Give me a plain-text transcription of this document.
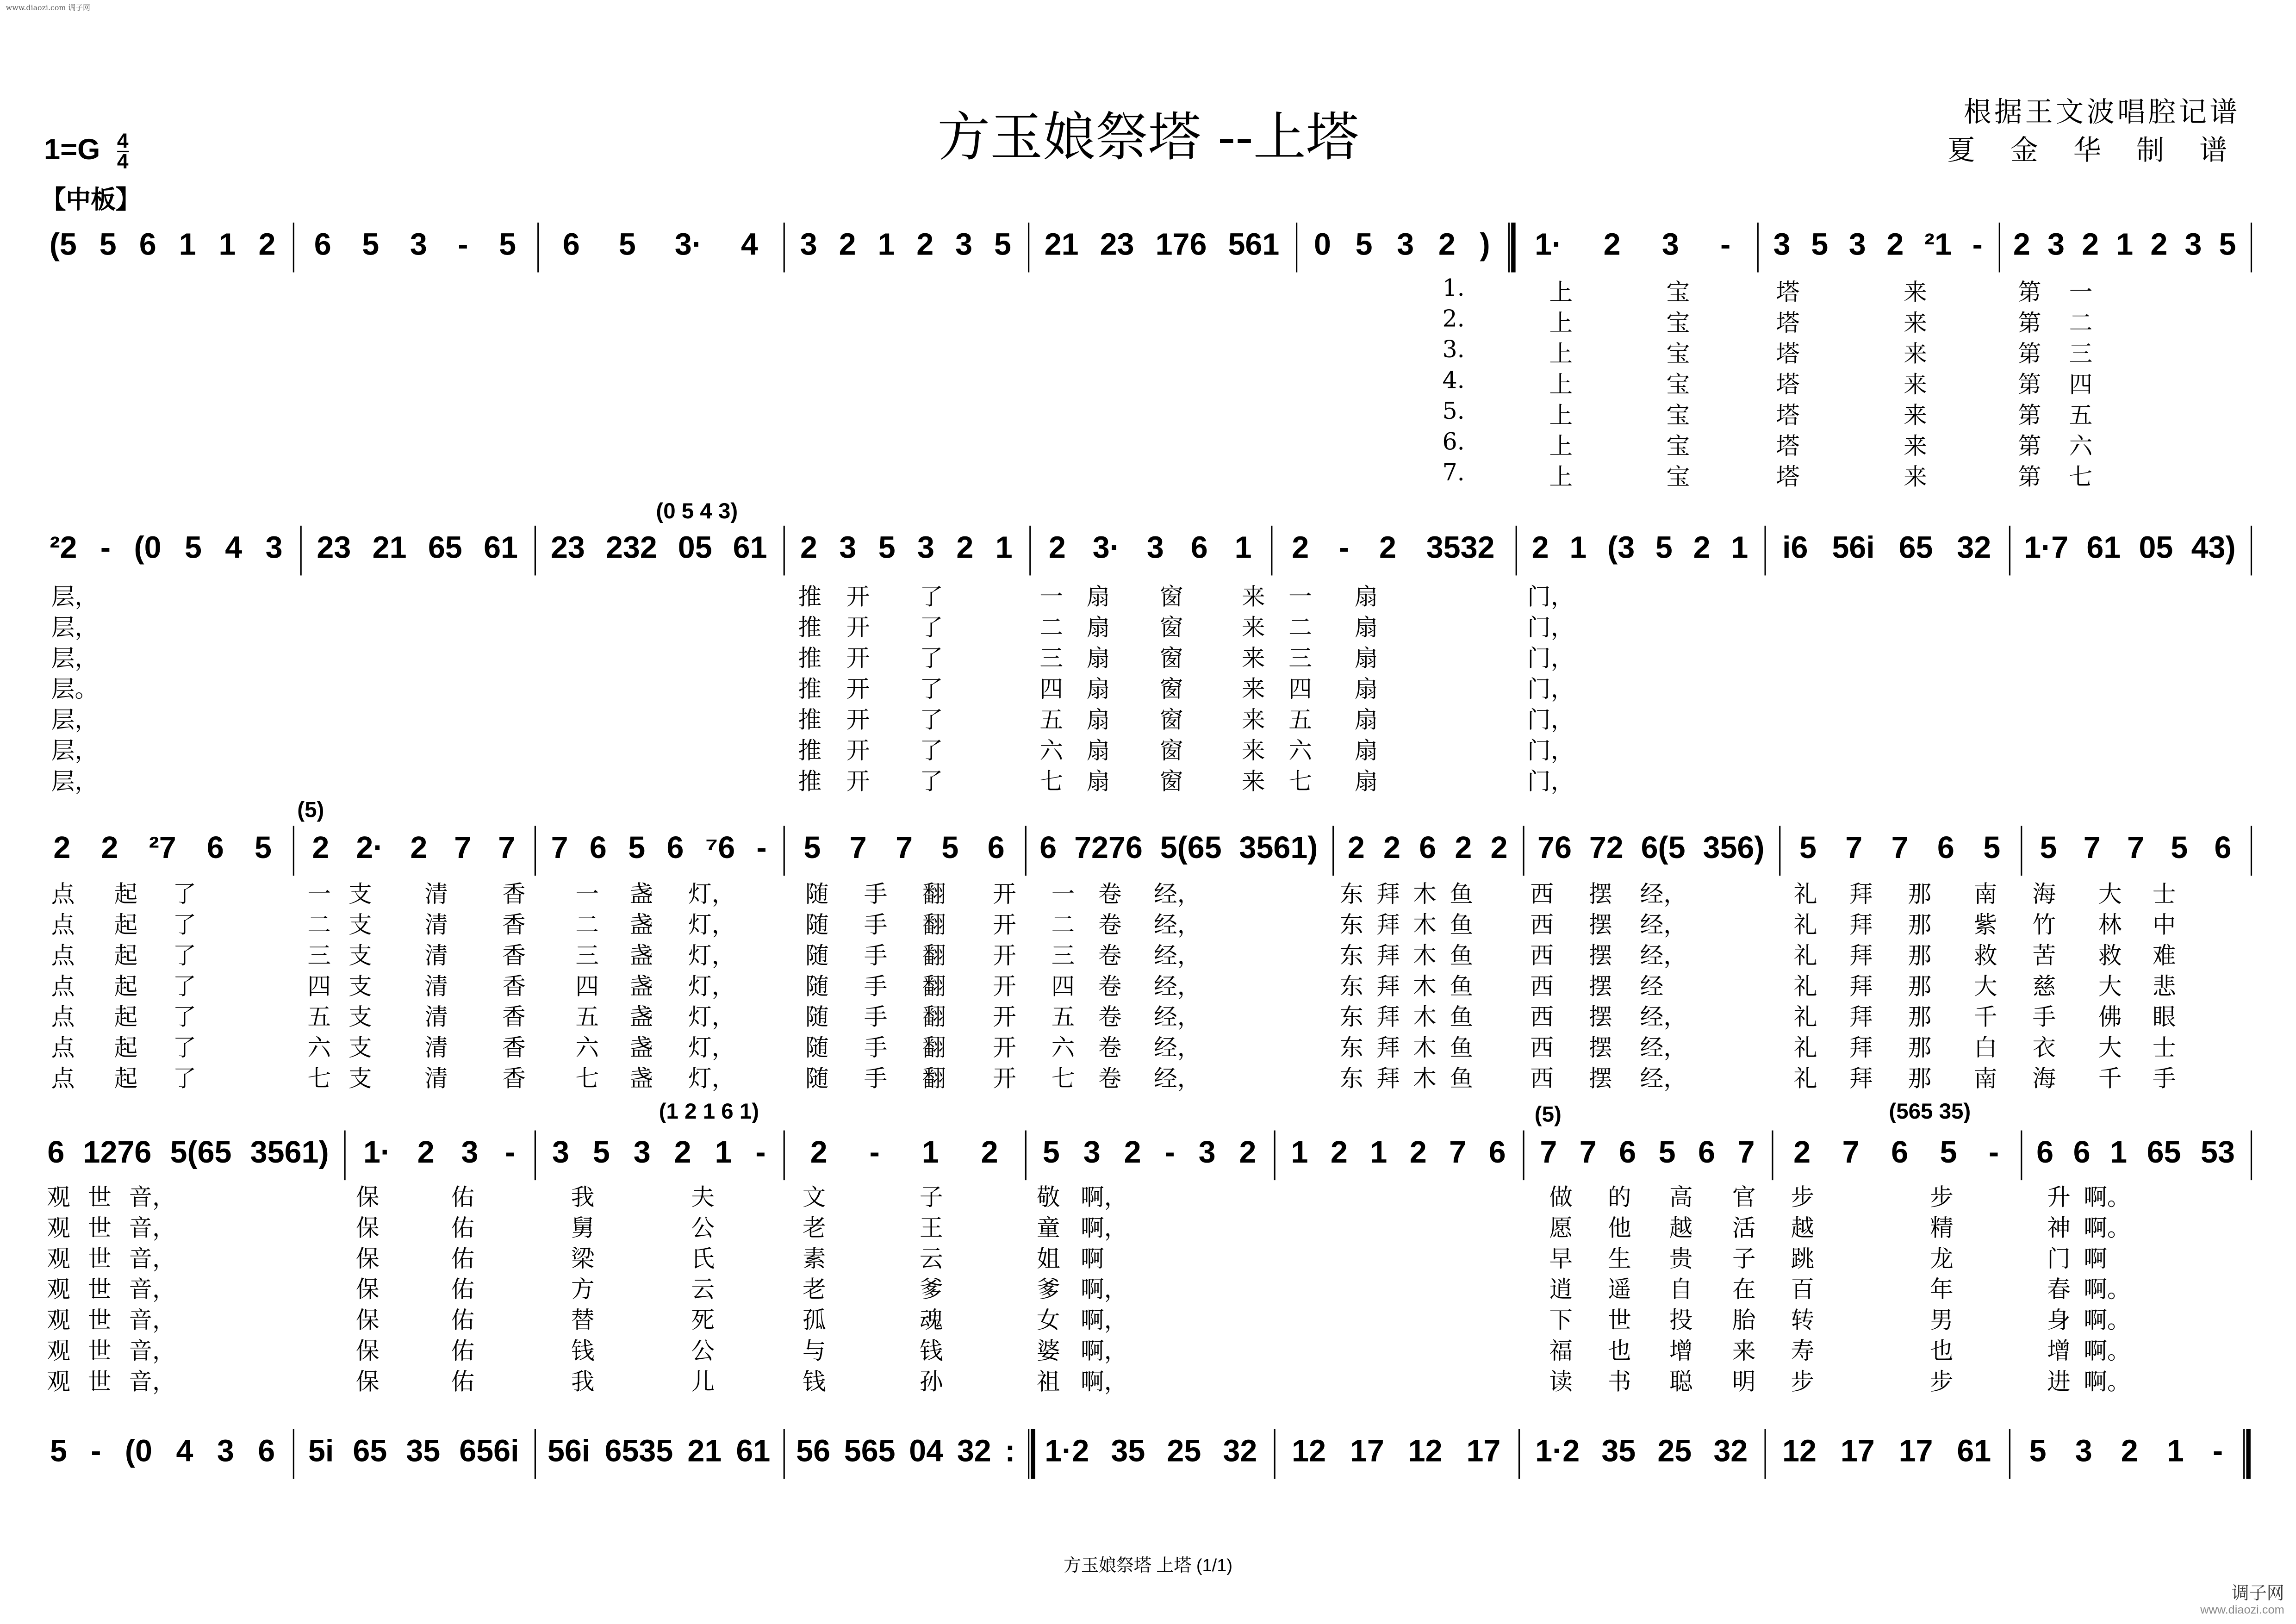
www.diaozi.com 调子网
方玉娘祭塔 --上塔
1=G	$\frac{4}{4}$
根据王文波唱腔记谱
夏 金 华 制 谱
【中板】
(5 5 6 1 1 2	6	5	3	-	5	6	5	3·	4	3 2 1 2 3 5	21 23 176 561	0	5	3	2	)	1·	2	3	-	3 5 3 2 ²1 -	2 3 2 1 2 3 5
²2 - (0 5 4 3	23 21 65 61	23 232 05 61	2 3 5 3 2 1	2	3·	3	6	1	2	-	2	3532	2 1 (3 5 2 1	i6 56i 65 32	1·7 61 05 43)
(0 5 4 3)
2	2	²7	6	5	2	2·	2	7	7	7 6 5 6 ⁷6 -	5	7	7	5	6	6 7276 5(65 3561)	2 2 6 2 2	76 72 6(5 356)	5	7	7	6	5	5	7	7	5	6
(5)
6 1276 5(65 3561)	1·	2	3	-	3 5 3 2 1 -	2	-	1	2	5 3 2 - 3 2	1 2 1 2 7 6	7 7 6 5 6 7	2	7	6	5	-	6 6 1 65 53
(1 2 1 6 1)	(5)	(565 35)
5 - (0 4 3 6	5i 65 35 656i	56i 6535 21 61	56 565 04 32 :	1·2 35 25 32	12 17 12 17	1·2 35 25 32	12 17 17 61	5	3	2	1	-
1.	上	宝	塔	来	第	一
2.	上	宝	塔	来	第	二
3.	上	宝	塔	来	第	三
4.	上	宝	塔	来	第	四
5.	上	宝	塔	来	第	五
6.	上	宝	塔	来	第	六
7.	上	宝	塔	来	第	七
层，	推	开	了	一	扇	窗	来	一	扇	门，
层，	推	开	了	二	扇	窗	来	二	扇	门，
层，	推	开	了	三	扇	窗	来	三	扇	门，
层。	推	开	了	四	扇	窗	来	四	扇	门，
层，	推	开	了	五	扇	窗	来	五	扇	门，
层，	推	开	了	六	扇	窗	来	六	扇	门，
层，	推	开	了	七	扇	窗	来	七	扇	门，
点	起	了	一 支	清	香	一	盏	灯，	随	手	翻	开	一	卷	经，	东 拜 木 鱼	西	摆	经，	礼	拜	那	南	海	大	士
点	起	了	二 支	清	香	二	盏	灯，	随	手	翻	开	二	卷	经，	东 拜 木 鱼	西	摆	经，	礼	拜	那	紫	竹	林	中
点	起	了	三 支	清	香	三	盏	灯，	随	手	翻	开	三	卷	经，	东 拜 木 鱼	西	摆	经，	礼	拜	那	救	苦	救	难
点	起	了	四 支	清	香	四	盏	灯，	随	手	翻	开	四	卷	经，	东 拜 木 鱼	西	摆	经	礼	拜	那	大	慈	大	悲
点	起	了	五 支	清	香	五	盏	灯，	随	手	翻	开	五	卷	经，	东 拜 木 鱼	西	摆	经，	礼	拜	那	千	手	佛	眼
点	起	了	六 支	清	香	六	盏	灯，	随	手	翻	开	六	卷	经，	东 拜 木 鱼	西	摆	经，	礼	拜	那	白	衣	大	士
点	起	了	七 支	清	香	七	盏	灯，	随	手	翻	开	七	卷	经，	东 拜 木 鱼	西	摆	经，	礼	拜	那	南	海	千	手
观 世 音，	保	佑	我	夫	文	子	敬	啊，	做	的	高	官	步	步	升 啊。
观 世 音，	保	佑	舅	公	老	王	童	啊，	愿	他	越	活	越	精	神 啊。
观 世 音，	保	佑	梁	氏	素	云	姐	啊	早	生	贵	子	跳	龙	门 啊
观 世 音，	保	佑	方	云	老	爹	爹	啊，	逍	遥	自	在	百	年	春 啊。
观 世 音，	保	佑	替	死	孤	魂	女	啊，	下	世	投	胎	转	男	身 啊。
观 世 音，	保	佑	钱	公	与	钱	婆	啊，	福	也	增	来	寿	也	增 啊。
观 世 音，	保	佑	我	儿	钱	孙	祖	啊，	读	书	聪	明	步	步	进 啊。
方玉娘祭塔 上塔 (1/1)
调子网
www.diaozi.com
